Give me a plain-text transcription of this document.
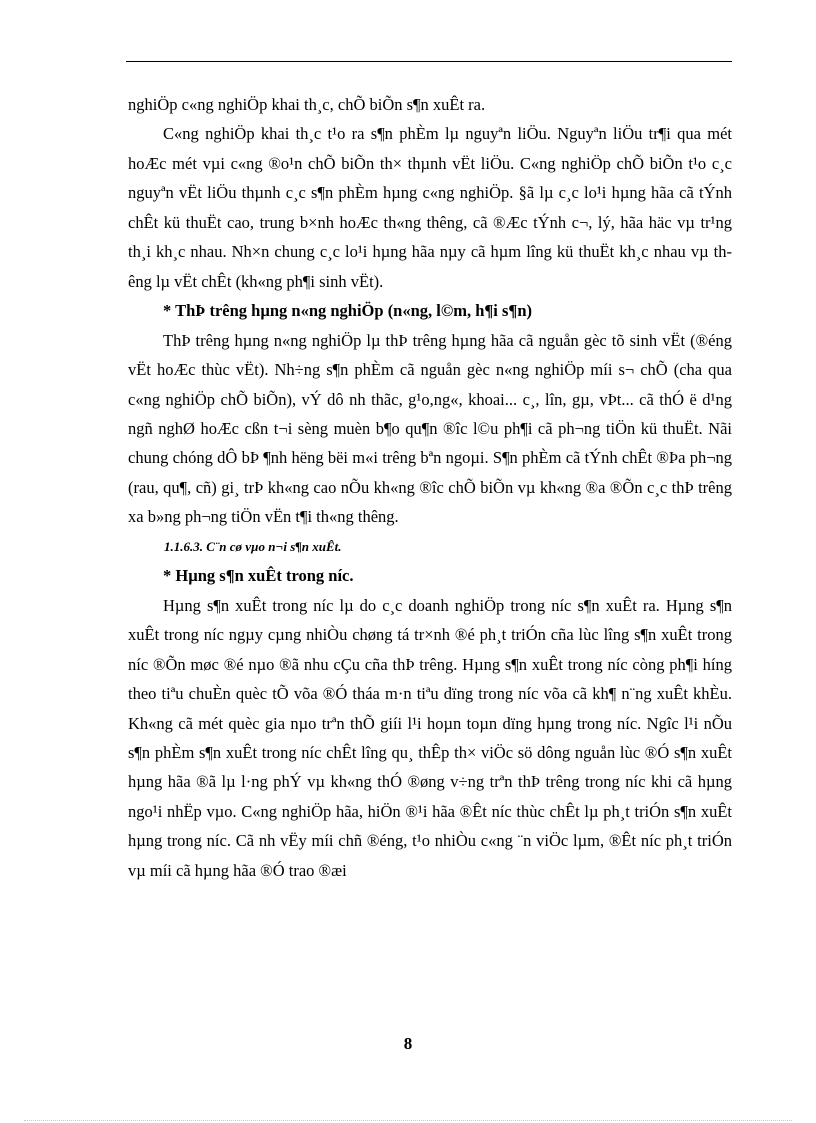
nghiÖp c«ng nghiÖp khai th¸c, chÕ biÕn s¶n xuÊt ra.

C«ng nghiÖp khai th¸c t¹o ra s¶n phÈm lµ nguyªn liÖu. Nguyªn liÖu tr¶i qua mét hoÆc mét vµi c«ng ®o¹n chÕ biÕn th× thµnh vËt liÖu. C«ng nghiÖp chÕ biÕn t¹o c¸c nguyªn vËt liÖu thµnh c¸c s¶n phÈm hµng c«ng nghiÖp. §ã lµ c¸c lo¹i hµng hãa cã tÝnh chÊt kü thuËt cao, trung b×nh hoÆc th«ng thêng, cã ®Æc tÝnh c¬, lý, hãa häc vµ tr¹ng th¸i kh¸c nhau. Nh×n chung c¸c lo¹i hµng hãa nµy cã hµm lîng kü thuËt kh¸c nhau vµ thêng lµ vËt chÊt (kh«ng ph¶i sinh vËt).

* ThÞ trêng hµng n«ng nghiÖp (n«ng, l©m, h¶i s¶n)

ThÞ trêng hµng n«ng nghiÖp lµ thÞ trêng hµng hãa cã nguån gèc tõ sinh vËt (®éng vËt hoÆc thùc vËt). Nh÷ng s¶n phÈm cã nguån gèc n«ng nghiÖp míi s¬ chÕ (cha qua c«ng nghiÖp chÕ biÕn), vÝ dô nh thãc, g¹o,ng«, khoai... c¸, lîn, gµ, vÞt... cã thÓ ë d¹ng ngñ nghØ hoÆc cßn t¬i sèng muèn b¶o qu¶n ®îc l©u ph¶i cã ph¬ng tiÖn kü thuËt. Nãi chung chóng dÔ bÞ ¶nh hëng bëi m«i trêng bªn ngoµi. S¶n phÈm cã tÝnh chÊt ®Þa ph¬ng (rau, qu¶, cñ) gi¸ trÞ kh«ng cao nÕu kh«ng ®îc chÕ biÕn vµ kh«ng ®a ®Õn c¸c thÞ trêng xa b»ng ph¬ng tiÖn vËn t¶i th«ng thêng.

1.1.6.3. C¨n cø vµo n¬i s¶n xuÊt.

* Hµng s¶n xuÊt trong níc.

Hµng s¶n xuÊt trong níc lµ do c¸c doanh nghiÖp trong níc s¶n xuÊt ra. Hµng s¶n xuÊt trong níc ngµy cµng nhiÒu chøng tá tr×nh ®é ph¸t triÓn cña lùc lîng s¶n xuÊt trong níc ®Õn møc ®é nµo ®ã nhu cÇu cña thÞ trêng. Hµng s¶n xuÊt trong níc còng ph¶i híng theo tiªu chuÈn quèc tÕ võa ®Ó tháa m·n tiªu dïng trong níc võa cã kh¶ n¨ng xuÊt khÈu. Kh«ng cã mét quèc gia nµo trªn thÕ giíi l¹i hoµn toµn dïng hµng trong níc. Ngîc l¹i nÕu s¶n phÈm s¶n xuÊt trong níc chÊt lîng qu¸ thÊp th× viÖc sö dông nguån lùc ®Ó s¶n xuÊt hµng hãa ®ã lµ l·ng phÝ vµ kh«ng thÓ ®øng v÷ng trªn thÞ trêng trong níc khi cã hµng ngo¹i nhËp vµo. C«ng nghiÖp hãa, hiÖn ®¹i hãa ®Êt níc thùc chÊt lµ ph¸t triÓn s¶n xuÊt hµng trong níc. Cã nh vËy míi chñ ®éng, t¹o nhiÒu c«ng ¨n viÖc lµm, ®Êt níc ph¸t triÓn vµ míi cã hµng hãa ®Ó trao ®æi

8
